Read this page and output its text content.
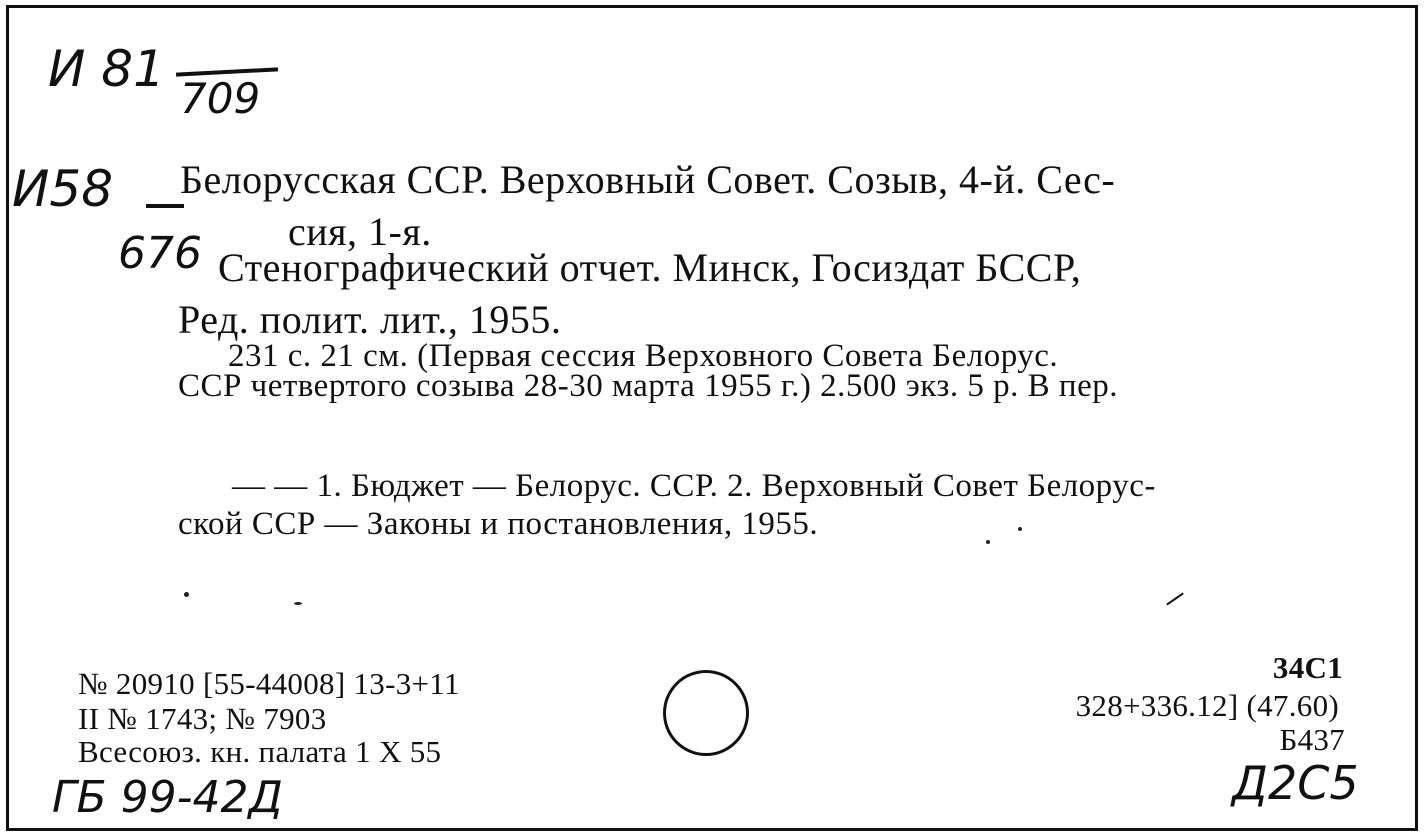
И 81
709
И58
676
Белорусская ССР. Верховный Совет. Созыв, 4-й. Сес-
сия, 1-я.
Стенографический отчет. Минск, Госиздат БССР,
Ред. полит. лит., 1955.
231 с. 21 см. (Первая сессия Верховного Совета Белорус.
ССР четвертого созыва 28-30 марта 1955 г.) 2.500 экз. 5 р. В пер.
— — 1. Бюджет — Белорус. ССР. 2. Верховный Совет Белорус-
ской ССР — Законы и постановления, 1955.
№ 20910 [55-44008] 13-3+11
II № 1743; № 7903
Всесоюз. кн. палата 1 X 55
34С1
328+336.12] (47.60)
Б437
ГБ 99-42Д	Д2С5
